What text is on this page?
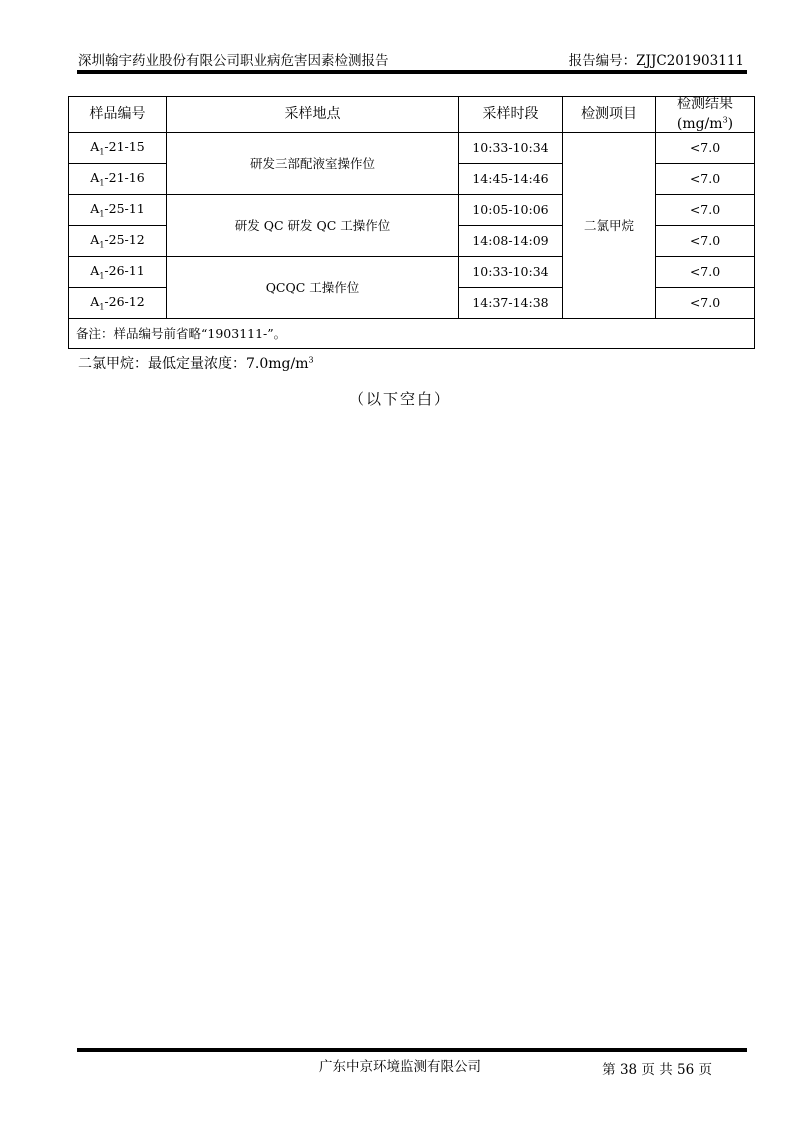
深圳翰宇药业股份有限公司职业病危害因素检测报告	报告编号：ZJJC201903111
样品编号	采样地点	采样时段	检测项目	检测结果
$(mg/m^3)$
$A_1-21-15$	研发三部配液室操作位	10:33-10:34	二氯甲烷	<7.0
$A_1-21-16$		14:45-14:46		<7.0
$A_1-25-11$	研发 QC 研发 QC 工操作位	10:05-10:06		<7.0
$A_1-25-12$		14:08-14:09		<7.0
$A_1-26-11$	QCQC 工操作位	10:33-10:34		<7.0
$A_1-26-12$		14:37-14:38		<7.0
备注：样品编号前省略“1903111-”。				
二氯甲烷：最低定量浓度：$7.0mg/m^3$
（以下空白）
广东中京环境监测有限公司	第 38 页 共 56 页
